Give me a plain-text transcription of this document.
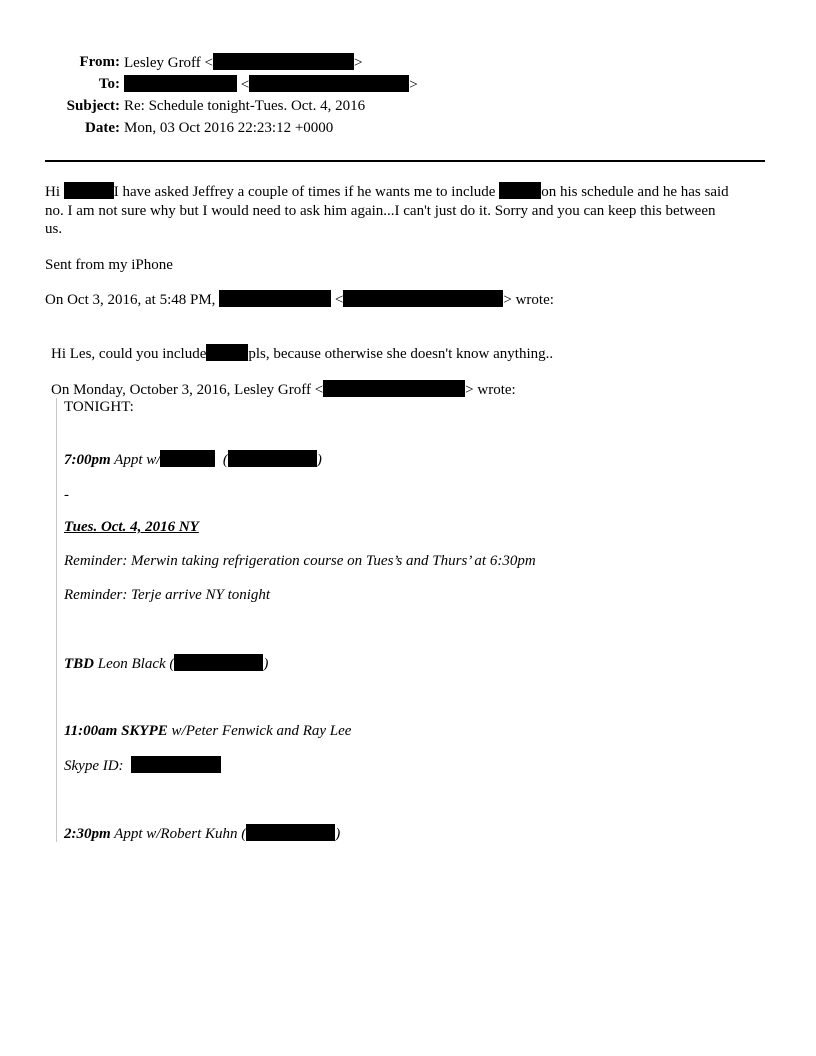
From: Lesley Groff <	>
To:	<	>
Subject: Re: Schedule tonight-Tues. Oct. 4, 2016
Date: Mon, 03 Oct 2016 22:23:12 +0000
Hi	I have asked Jeffrey a couple of times if he wants me to include	on his schedule and he has said
no. I am not sure why but I would need to ask him again...I can't just do it. Sorry and you can keep this between
us.
Sent from my iPhone
On Oct 3, 2016, at 5:48 PM,	<	> wrote:
Hi Les, could you include	pls, because otherwise she doesn't know anything..
On Monday, October 3, 2016, Lesley Groff <	> wrote:
TONIGHT:
7:00pm Appt w/	(	)
-
Tues. Oct. 4, 2016 NY
Reminder: Merwin taking refrigeration course on Tues’s and Thurs’ at 6:30pm
Reminder: Terje arrive NY tonight
TBD Leon Black (	)
11:00am SKYPE w/Peter Fenwick and Ray Lee
Skype ID:
2:30pm Appt w/Robert Kuhn (	)
